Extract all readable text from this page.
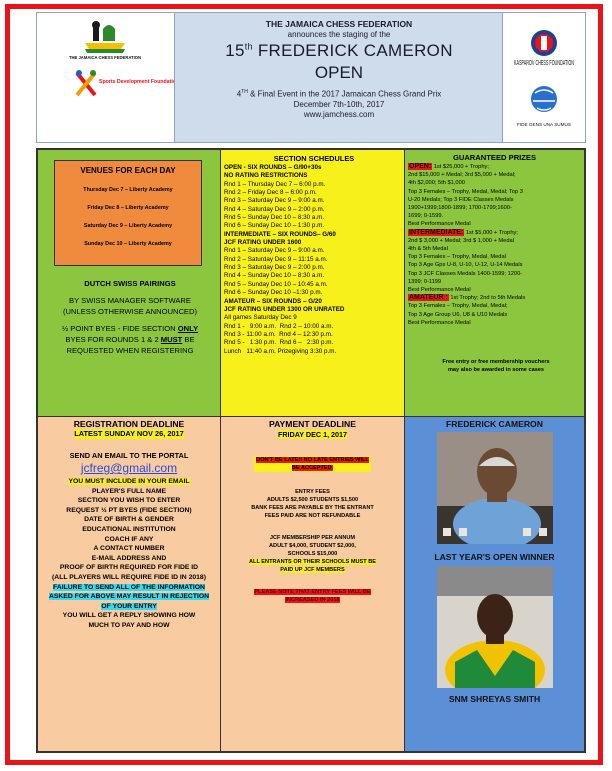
THE JAMAICA CHESS FEDERATION
Sports Development Foundation
THE JAMAICA CHESS FEDERATION
announces the staging of the
15th FREDERICK CAMERON
OPEN
4TH & Final Event in the 2017 Jamaican Chess Grand Prix
December 7th-10th, 2017
www.jamchess.com
KASPAROV CHESS FOUNDATION
FIDE GENS UNA SUMUS
VENUES FOR EACH DAY
Thursday Dec 7 – Liberty Academy
Friday Dec 8 – Liberty Academy
Saturday Dec 9 – Liberty Academy
Sunday Dec 10 – Liberty Academy
DUTCH SWISS PAIRINGS
BY SWISS MANAGER SOFTWARE
(UNLESS OTHERWISE ANNOUNCED)
½ POINT BYES - FIDE SECTION ONLY
BYES FOR ROUNDS 1 & 2 MUST BE
REQUESTED WHEN REGISTERING
SECTION SCHEDULES
OPEN - SIX ROUNDS – G/90+30s
NO RATING RESTRICTIONS
Rnd 1 – Thursday Dec 7 – 6:00 p.m.
Rnd 2 – Friday Dec 8 – 6:00 p.m.
Rnd 3 – Saturday Dec 9 – 9:00 a.m.
Rnd 4 – Saturday Dec 9 – 2:00 p.m.
Rnd 5 – Sunday Dec 10 – 8:30 a.m.
Rnd 6 – Sunday Dec 10 – 1:30 p.m.
INTERMEDIATE – SIX ROUNDS– G/60
JCF RATING UNDER 1600
Rnd 1 – Saturday Dec 9 – 9:00 a.m.
Rnd 2 – Saturday Dec 9 – 11:15 a.m.
Rnd 3 – Saturday Dec 9 – 2:00 p.m.
Rnd 4 – Sunday Dec 10 – 8:30 a.m.
Rnd 5 – Sunday Dec 10 – 10:45 a.m.
Rnd 6 – Sunday Dec 10 –1:30 p.m.
AMATEUR – SIX ROUNDS – G/20
JCF RATING UNDER 1300 OR UNRATED
All games Saturday Dec 9
Rnd 1 -   9:00 a.m.  Rnd 2 – 10:00 a.m.
Rnd 3 - 11:00 a.m.  Rnd 4 – 12:30 p.m.
Rnd 5 -   1:30 p.m.  Rnd 6 –   2:30 p.m.
Lunch   11:40 a.m. Prizegiving 3:30 p.m.
GUARANTEED PRIZES
OPEN: 1st $25,000 + Trophy;
2nd $15,000 + Medal; 3rd $5,000 + Medal;
4th $2,000; 5th $1,000
Top 3 Females – Trophy, Medal, Medal; Top 3
U-20 Medals; Top 3 FIDE Classes Medals
1900+1999;1800-1899; 1700-1799;1600-
1699; 0-1599.
Best Performance Medal
INTERMEDIATE: 1st $5,000 + Trophy;
2nd $ 3,000 + Medal; 3rd $ 1,000 + Medal
4th & 5th Medal
Top 3 Females – Trophy, Medal, Medal
Top 3 Age Gps U-8, U-10, U-12, U-14 Medals
Top 3 JCF Classes Medals 1400-1599; 1200-
1399; 0-1199
Best Performance Medal
AMATEUR : 1st Trophy; 2nd to 5th Medals
Top 3 Females – Trophy, Medal, Medal;
Top 3 Age Group U6, U8 & U10 Medals
Best Performance Medal
Free entry or free membership vouchers
may also be awarded in some cases
REGISTRATION DEADLINE
LATEST SUNDAY NOV 26, 2017
SEND AN EMAIL TO THE PORTAL
jcfreg@gmail.com
YOU MUST INCLUDE IN YOUR EMAIL
PLAYER'S FULL NAME
SECTION YOU WISH TO ENTER
REQUEST ½ PT BYES (FIDE SECTION)
DATE OF BIRTH & GENDER
EDUCATIONAL INSTITUTION
COACH IF ANY
A CONTACT NUMBER
E-MAIL ADDRESS AND
PROOF OF BIRTH REQUIRED FOR FIDE ID
(ALL PLAYERS WILL REQUIRE FIDE ID IN 2018)
FAILURE TO SEND ALL OF THE INFORMATION
ASKED FOR ABOVE MAY RESULT IN REJECTION
OF YOUR ENTRY
YOU WILL GET A REPLY SHOWING HOW
MUCH TO PAY AND HOW
PAYMENT DEADLINE
FRIDAY DEC 1, 2017
DON'T BE LATE!! NO LATE ENTRIES WILL
BE ACCEPTED.
ENTRY FEES
ADULTS $2,500 STUDENTS $1,500
BANK FEES ARE PAYABLE BY THE ENTRANT
FEES PAID ARE NOT REFUNDABLE
JCF MEMBERSHIP PER ANNUM
ADULT $4,000, STUDENT $2,000,
SCHOOLS $15,000
ALL ENTRANTS OR THEIR SCHOOLS MUST BE
PAID UP JCF MEMBERS
PLEASE NOTE THAT ENTRY FEES WILL BE
INCREASED IN 2018
FREDERICK CAMERON
LAST YEAR'S OPEN WINNER
SNM SHREYAS SMITH
